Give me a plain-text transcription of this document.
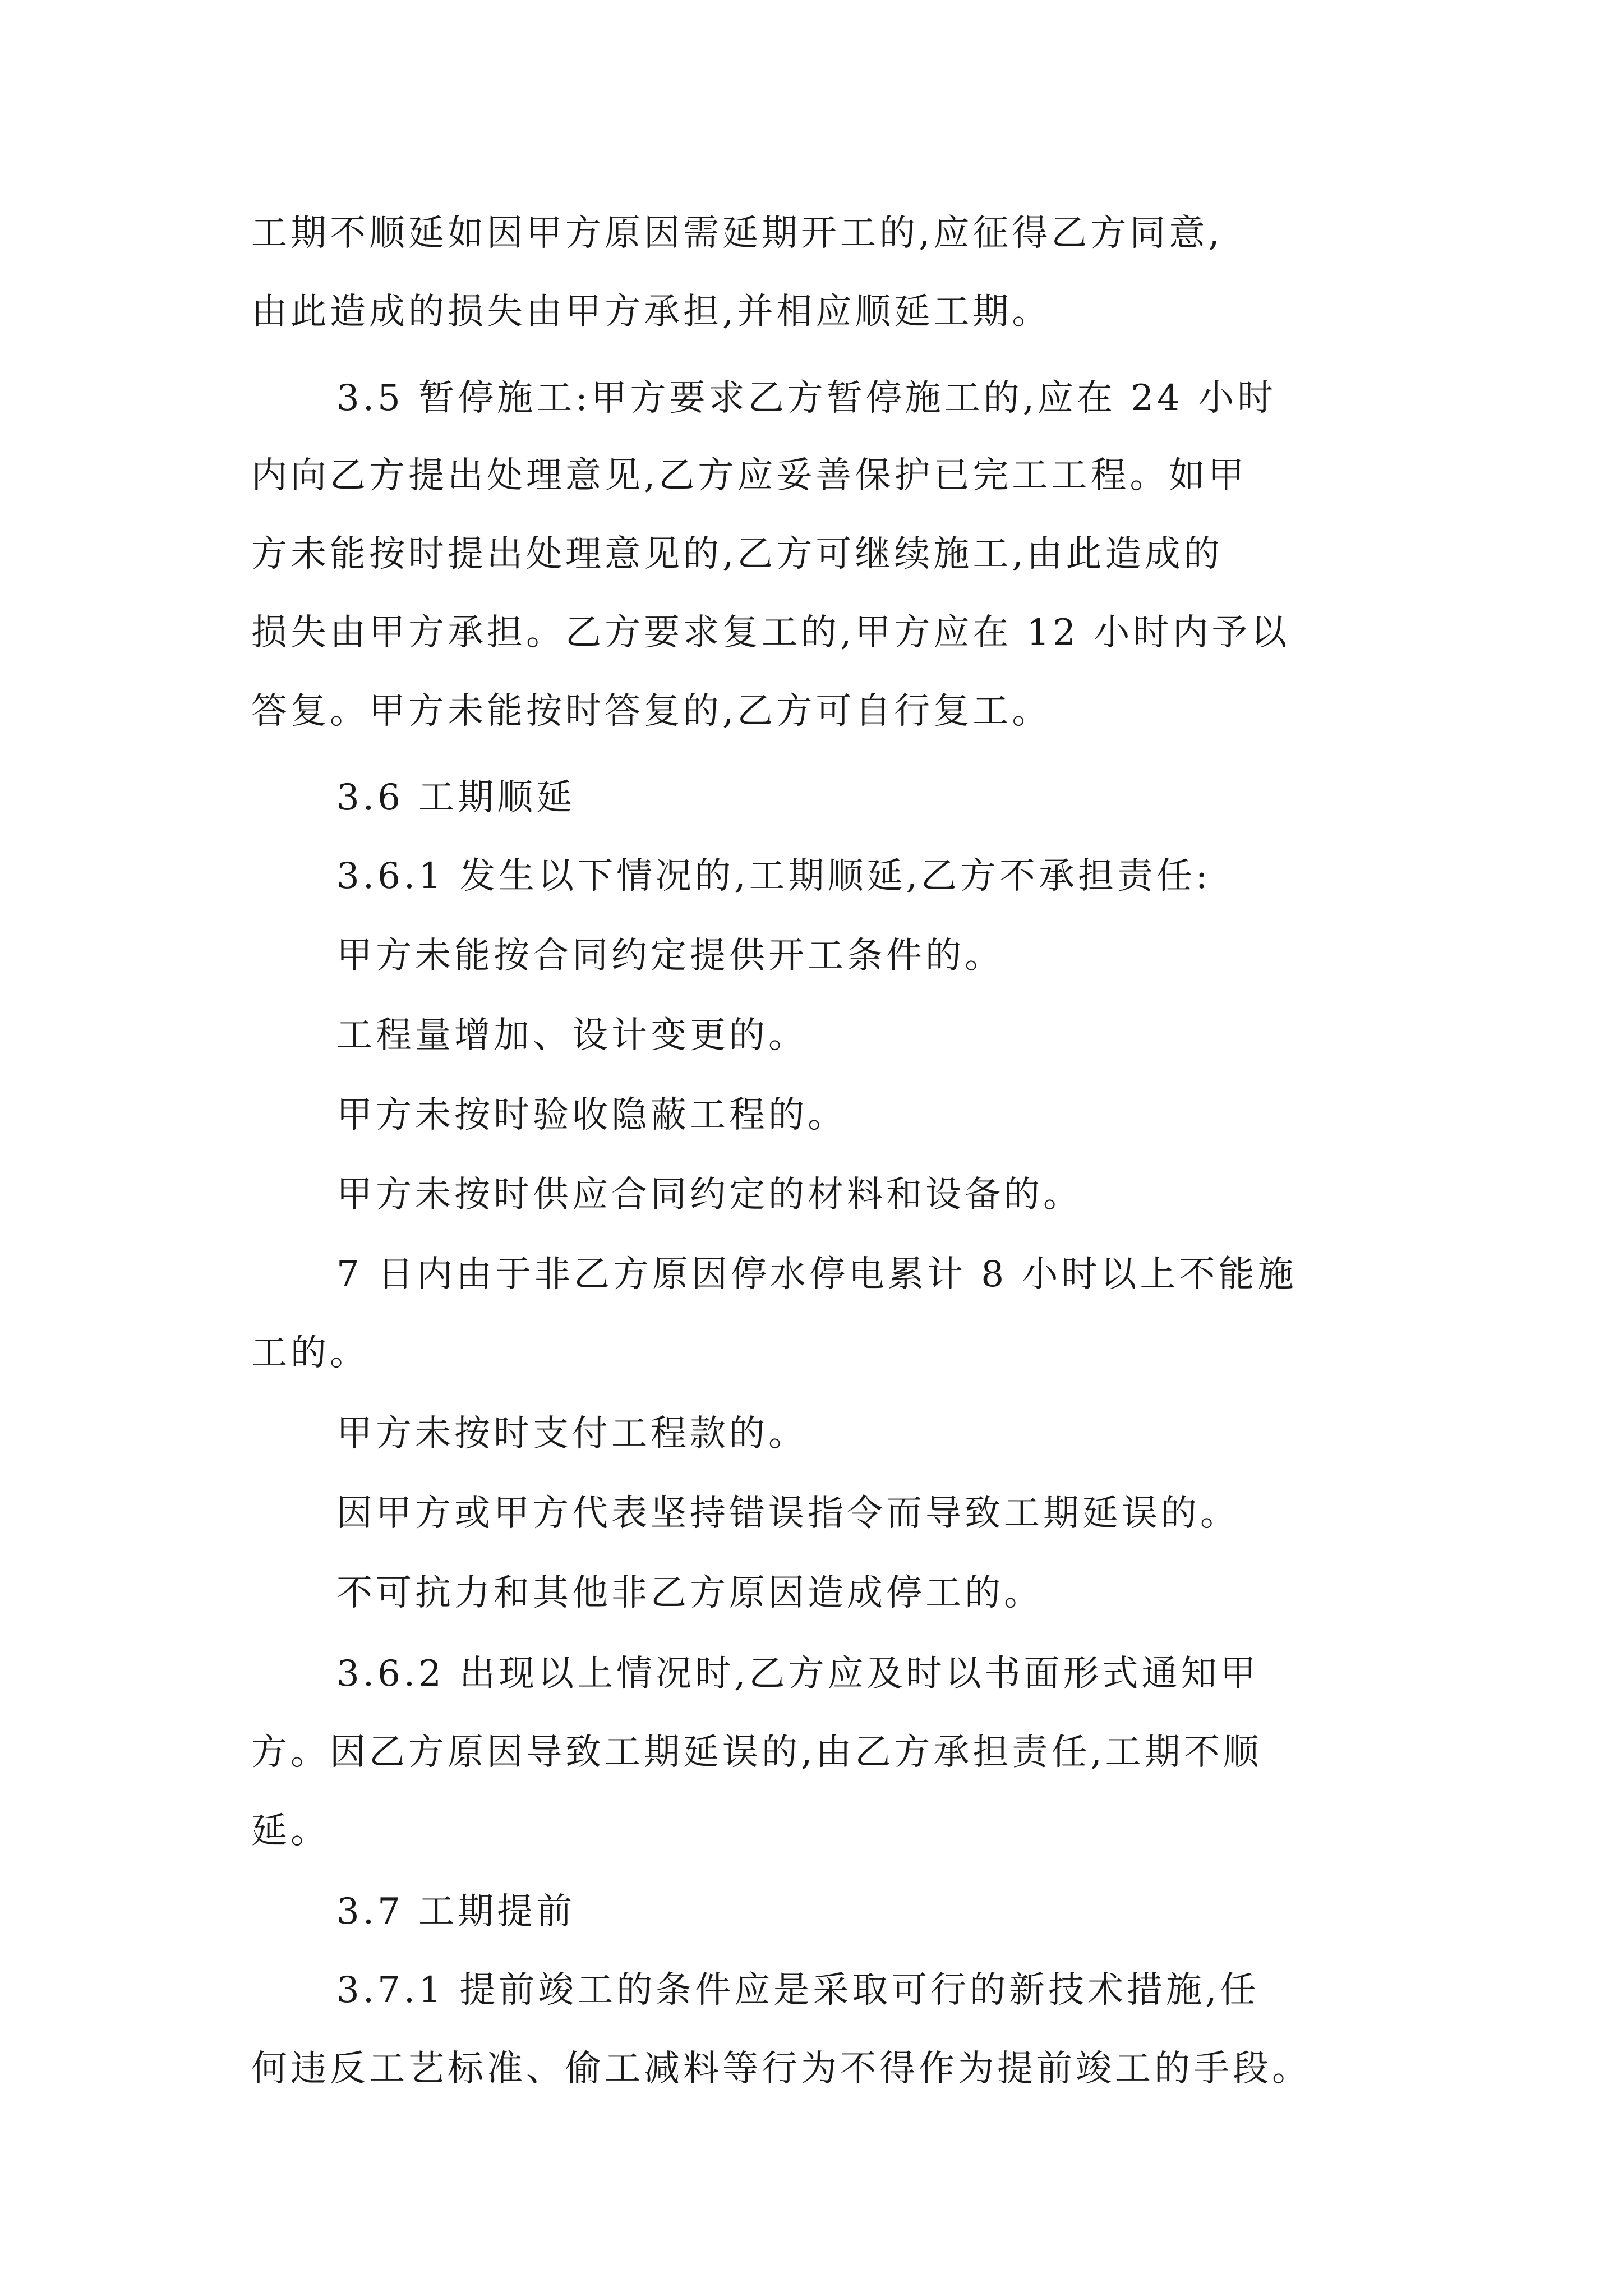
工期不顺延如因甲方原因需延期开工的,应征得乙方同意,
由此造成的损失由甲方承担,并相应顺延工期。
3.5 暂停施工:甲方要求乙方暂停施工的,应在 24 小时
内向乙方提出处理意见,乙方应妥善保护已完工工程。如甲
方未能按时提出处理意见的,乙方可继续施工,由此造成的
损失由甲方承担。乙方要求复工的,甲方应在 12 小时内予以
答复。甲方未能按时答复的,乙方可自行复工。
3.6 工期顺延
3.6.1 发生以下情况的,工期顺延,乙方不承担责任:
甲方未能按合同约定提供开工条件的。
工程量增加、设计变更的。
甲方未按时验收隐蔽工程的。
甲方未按时供应合同约定的材料和设备的。
7 日内由于非乙方原因停水停电累计 8 小时以上不能施
工的。
甲方未按时支付工程款的。
因甲方或甲方代表坚持错误指令而导致工期延误的。
不可抗力和其他非乙方原因造成停工的。
3.6.2 出现以上情况时,乙方应及时以书面形式通知甲
方。因乙方原因导致工期延误的,由乙方承担责任,工期不顺
延。
3.7 工期提前
3.7.1 提前竣工的条件应是采取可行的新技术措施,任
何违反工艺标准、偷工减料等行为不得作为提前竣工的手段。
